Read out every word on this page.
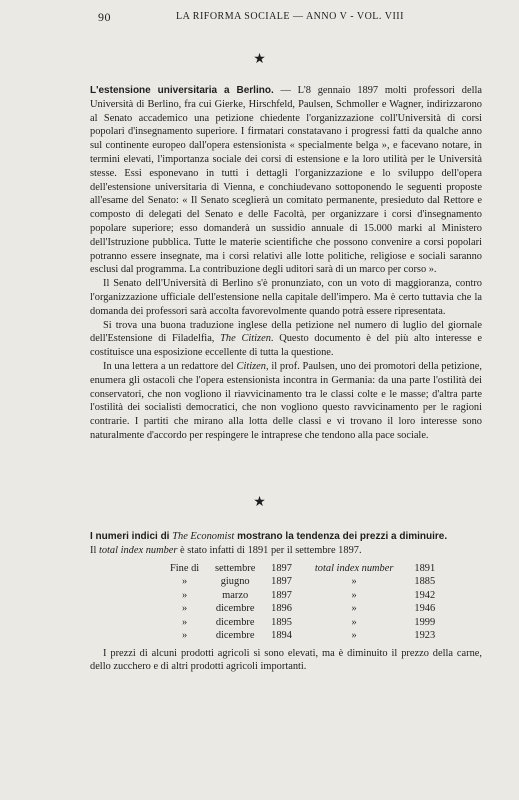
90	LA RIFORMA SOCIALE — ANNO V - VOL. VIII
★

L'estensione universitaria a Berlino. — L'8 gennaio 1897 molti professori della Università di Berlino, fra cui Gierke, Hirschfeld, Paulsen, Schmoller e Wagner, indirizzarono al Senato accademico una petizione chiedente l'organizzazione coll'Università di corsi popolari d'insegnamento superiore. I firmatari constatavano i progressi fatti da qualche anno sul continente europeo dall'opera estensionista « specialmente belga », e facevano notare, in termini elevati, l'importanza sociale dei corsi di estensione e la loro utilità per le Università stesse. Essi esponevano in tutti i dettagli l'organizzazione e lo sviluppo dell'opera dell'estensione universitaria di Vienna, e conchiudevano sottoponendo le seguenti proposte all'esame del Senato: « Il Senato sceglierà un comitato permanente, presieduto dal Rettore e composto di delegati del Senato e delle Facoltà, per organizzare i corsi d'insegnamento popolare superiore; esso domanderà un sussidio annuale di 15.000 marki al Ministero dell'Istruzione pubblica. Tutte le materie scientifiche che possono convenire a corsi popolari potranno essere insegnate, ma i corsi relativi alle lotte politiche, religiose e sociali saranno esclusi dal programma. La contribuzione degli uditori sarà di un marco per corso ».

Il Senato dell'Università di Berlino s'è pronunziato, con un voto di maggioranza, contro l'organizzazione ufficiale dell'estensione nella capitale dell'impero. Ma è certo tuttavia che la domanda dei professori sarà accolta favorevolmente quando potrà essere ripresentata.

Si trova una buona traduzione inglese della petizione nel numero di luglio del giornale dell'Estensione di Filadelfia, The Citizen. Questo documento è del più alto interesse e costituisce una esposizione eccellente di tutta la questione.

In una lettera a un redattore del Citizen, il prof. Paulsen, uno dei promotori della petizione, enumera gli ostacoli che l'opera estensionista incontra in Germania: da una parte l'ostilità dei conservatori, che non vogliono il riavvicinamento tra le classi colte e le masse; d'altra parte l'ostilità dei socialisti democratici, che non vogliono questo ravvicinamento per le ragioni contrarie. I partiti che mirano alla lotta delle classi e vi trovano il loro interesse sono naturalmente d'accordo per respingere le intraprese che tendono alla pace sociale.

★

I numeri indici di The Economist mostrano la tendenza dei prezzi a diminuire.

Il total index number è stato infatti di 1891 per il settembre 1897.

Fine di	settembre	1897	total index number	1891
»	giugno	1897	»	1885
»	marzo	1897	»	1942
»	dicembre	1896	»	1946
»	dicembre	1895	»	1999
»	dicembre	1894	»	1923

I prezzi di alcuni prodotti agricoli si sono elevati, ma è diminuito il prezzo della carne, dello zucchero e di altri prodotti agricoli importanti.
